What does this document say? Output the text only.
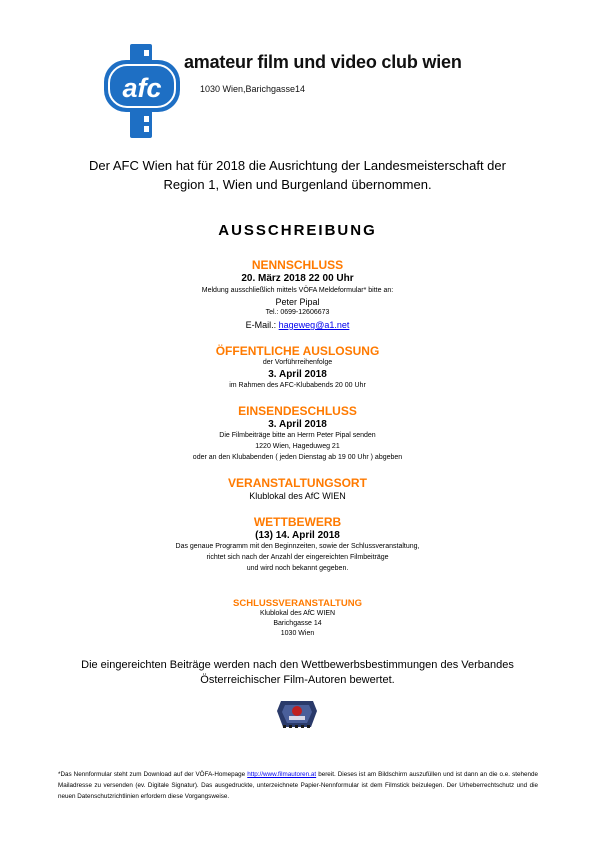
afc
amateur film und video club wien
1030 Wien,Barichgasse14
Der AFC Wien hat für 2018 die Ausrichtung der Landesmeisterschaft der
Region 1, Wien und Burgenland übernommen.
AUSSCHREIBUNG
NENNSCHLUSS
20. März 2018 22 00 Uhr
Meldung ausschließlich mittels VÖFA Meldeformular* bitte an:
Peter Pipal
Tel.: 0699-12606673
E-Mail.: hageweg@a1.net
ÖFFENTLICHE AUSLOSUNG
der Vorführreihenfolge
3. April 2018
im Rahmen des AFC-Klubabends 20 00 Uhr
EINSENDESCHLUSS
3. April 2018
Die Filmbeiträge bitte an Herrn Peter Pipal senden
1220 Wien, Hageduweg 21
oder an den Klubabenden ( jeden Dienstag ab 19 00 Uhr ) abgeben
VERANSTALTUNGSORT
Klublokal des AfC WIEN
WETTBEWERB
(13) 14. April 2018
Das genaue Programm mit den Beginnzeiten, sowie der Schlussveranstaltung,
richtet sich nach der Anzahl der eingereichten Filmbeiträge
und wird noch bekannt gegeben.
SCHLUSSVERANSTALTUNG
Klublokal des AfC WIEN
Barichgasse 14
1030 Wien
Die eingereichten Beiträge werden nach den Wettbewerbsbestimmungen des Verbandes
Österreichischer Film-Autoren bewertet.
*Das Nennformular steht zum Download auf der VÖFA-Homepage http://www.filmautoren.at bereit. Dieses ist am Bildschirm auszufüllen und ist dann an die o.e. stehende Mailadresse zu versenden (ev. Digitale Signatur). Das ausgedruckte, unterzeichnete Papier-Nennformular ist dem Filmstick beizulegen. Der Urheberrechtschutz und die neuen Datenschutzrichtlinien erfordern diese Vorgangsweise.
